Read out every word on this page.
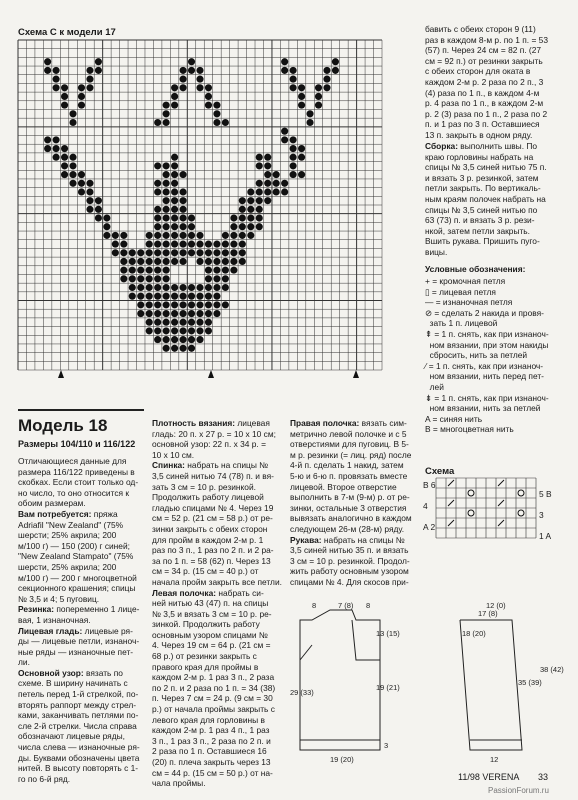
Схема С к модели 17	бавить с обеих сторон 9 (11)
раз в каждом 8-м р. по 1 п. = 53
(57) п. Через 24 см = 82 п. (27
см = 92 п.) от резинки закрыть
с обеих сторон для оката в
каждом 2-м р. 2 раза по 2 п., 3
(4) раза по 1 п., в каждом 4-м
р. 4 раза по 1 п., в каждом 2-м
р. 2 (3) раза по 1 п., 2 раза по 2
п. и 1 раз по 3 п. Оставшиеся
13 п. закрыть в одном ряду.
Сборка: выполнить швы. По
краю горловины набрать на
спицы № 3,5 синей нитью 75 п.
и вязать 3 р. резинкой, затем
петли закрыть. По вертикаль-
ным краям полочек набрать на
спицы № 3,5 синей нитью по
63 (73) п. и вязать 3 р. рези-
нкой, затем петли закрыть.
Вшить рукава. Пришить пуго-
вицы.
Условные обозначения:
+ = кромочная петля
▯ = лицевая петля
— = изнаночная петля
⊘ = сделать 2 накида и провя-
зать 1 п. лицевой
⇞ = 1 п. снять, как при изнаноч-
ном вязании, при этом накиды
сбросить, нить за петлей
⁄ = 1 п. снять, как при изнаноч-
ном вязании, нить перед пет-
лей
⇟ = 1 п. снять, как при изнаноч-
ном вязании, нить за петлей
A = синяя нить
B = многоцветная нить
Схема
B 6
4
A 2
5 B
3
1 A
Модель 18
Размеры 104/110 и 116/122
Отличающиеся данные для
размера 116/122 приведены в
скобках. Если стоит только од-
но число, то оно относится к
обоим размерам.
Вам потребуется: пряжа
Adriafil "New Zealand" (75%
шерсти; 25% акрила; 200
м/100 г) — 150 (200) г синей;
"New Zealand Stampato" (75%
шерсти, 25% акрила; 200
м/100 г) — 200 г многоцветной
секционного крашения; спицы
№ 3,5 и 4; 5 пуговиц.
Резинка: попеременно 1 лице-
вая, 1 изнаночная.
Лицевая гладь: лицевые ря-
ды — лицевые петли, изнаноч-
ные ряды — изнаночные пет-
ли.
Основной узор: вязать по
схеме. В ширину начинать с
петель перед 1-й стрелкой, по-
вторять раппорт между стрел-
ками, заканчивать петлями по-
сле 2-й стрелки. Числа справа
обозначают лицевые ряды,
числа слева — изнаночные ря-
ды. Буквами обозначены цвета
нитей. В высоту повторять с 1-
го по 6-й ряд.
Плотность вязания: лицевая
гладь: 20 п. х 27 р. = 10 х 10 см;
основной узор: 22 п. х 34 р. =
10 х 10 см.
Спинка: набрать на спицы №
3,5 синей нитью 74 (78) п. и вя-
зать 3 см = 10 р. резинкой.
Продолжить работу лицевой
гладью спицами № 4. Через 19
см = 52 р. (21 см = 58 р.) от ре-
зинки закрыть с обеих сторон
для пройм в каждом 2-м р. 1
раз по 3 п., 1 раз по 2 п. и 2 ра-
за по 1 п. = 58 (62) п. Через 13
см = 34 р. (15 см = 40 р.) от
начала пройм закрыть все петли.
Левая полочка: набрать си-
ней нитью 43 (47) п. на спицы
№ 3,5 и вязать 3 см = 10 р. ре-
зинкой. Продолжить работу
основным узором спицами №
4. Через 19 см = 64 р. (21 см =
68 р.) от резинки закрыть с
правого края для проймы в
каждом 2-м р. 1 раз 3 п., 2 раза
по 2 п. и 2 раза по 1 п. = 34 (38)
п. Через 7 см = 24 р. (9 см = 30
р.) от начала проймы закрыть с
левого края для горловины в
каждом 2-м р. 1 раз 4 п., 1 раз
3 п., 1 раз 3 п., 2 раза по 2 п. и
2 раза по 1 п. Оставшиеся 16
(20) п. плеча закрыть через 13
см = 44 р. (15 см = 50 р.) от на-
чала проймы.
Правая полочка: вязать сим-
метрично левой полочке и с 5
отверстиями для пуговиц. В 5-
м р. резинки (= лиц. ряд) после
4-й п. сделать 1 накид, затем
5-ю и 6-ю п. провязать вместе
лицевой. Второе отверстие
выполнить в 7-м (9-м) р. от ре-
зинки, остальные 3 отверстия
вывязать аналогично в каждом
следующем 26-м (28-м) ряду.
Рукава: набрать на спицы №
3,5 синей нитью 35 п. и вязать
3 см = 10 р. резинкой. Продол-
жить работу основным узором
спицами № 4. Для скосов при-
8	7 (8) 8
29 (33)
13 (15)
19 (21)
19 (20)
3
12 (0)
35 (39)
38 (42)
17 (8)
12
18 (20)
11/98 VERENA 33
PassionForum.ru
